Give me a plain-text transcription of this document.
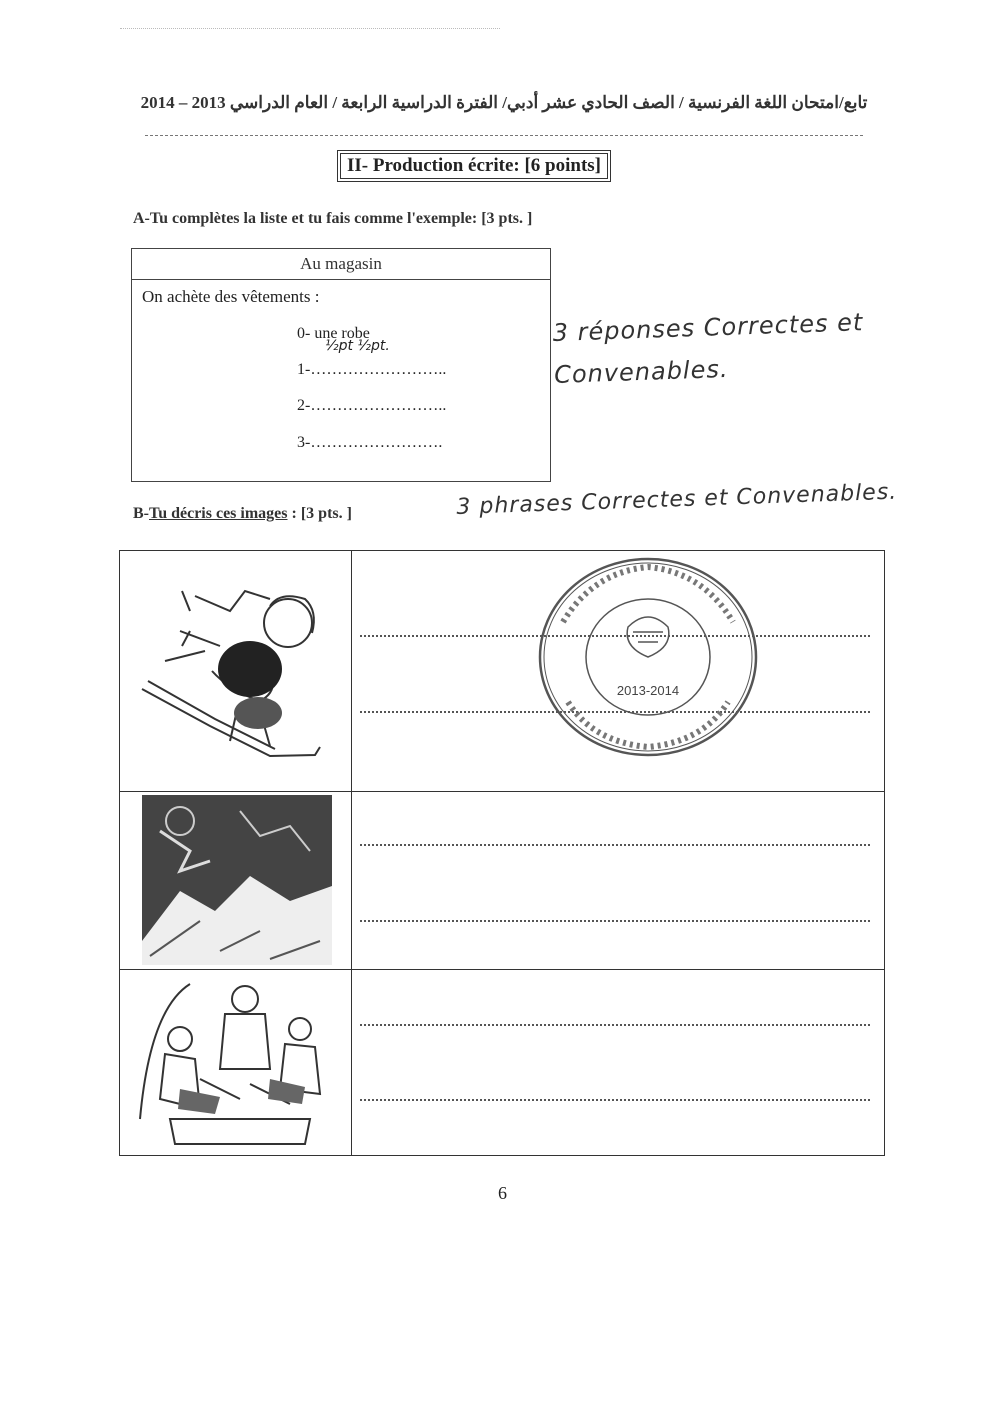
تابع/امتحان اللغة الفرنسية / الصف الحادي عشر أدبي/ الفترة الدراسية الرابعة / العام الدراسي 2013 – 2014
II- Production écrite: [6 points]
A-Tu complètes la liste et tu fais comme l'exemple: [3 pts. ]
Au magasin
On achète des vêtements :
0- une robe
1-……………………..
2-……………………..
3-…………………….
½pt ½pt.	3 réponses Correctes et Convenables.
B-Tu décris ces images : [3 pts. ]	3 phrases Correctes et Convenables.
2013-2014
6
